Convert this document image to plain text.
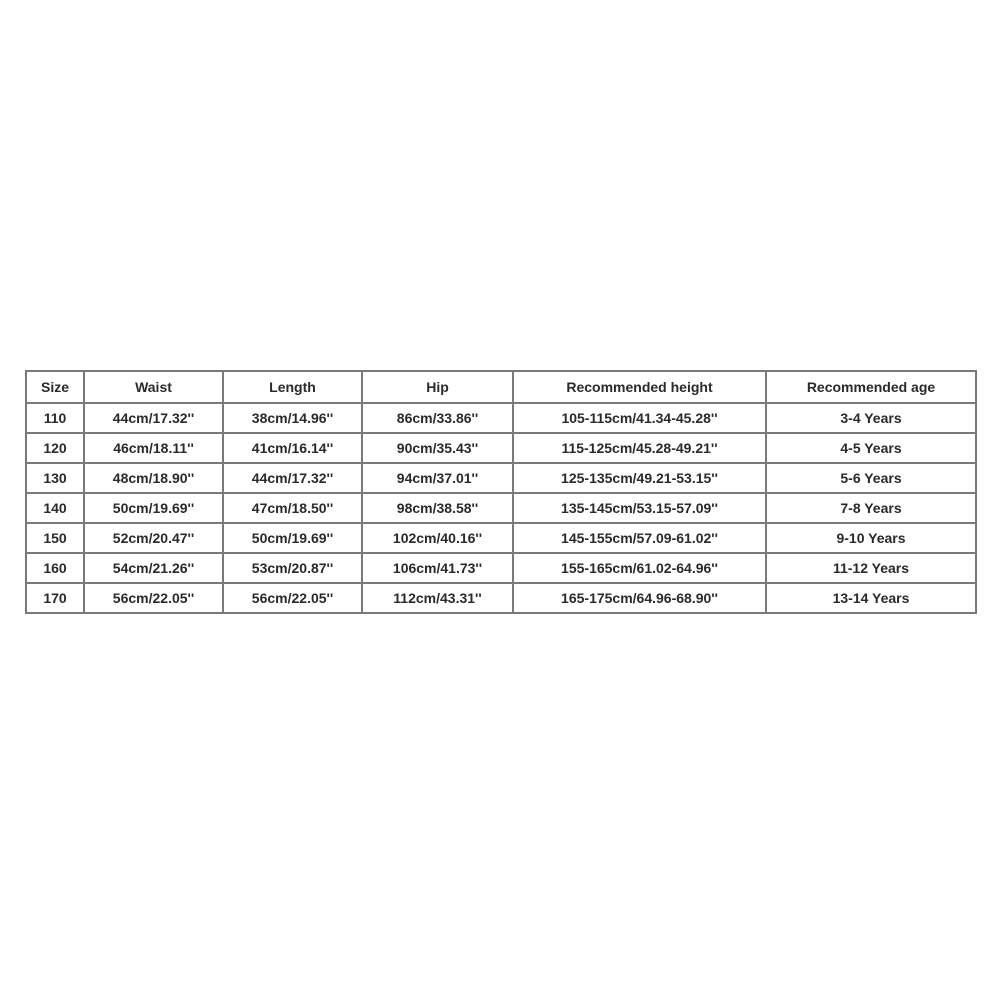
Size	Waist	Length	Hip	Recommended height	Recommended age
110	44cm/17.32''	38cm/14.96''	86cm/33.86''	105-115cm/41.34-45.28''	3-4 Years
120	46cm/18.11''	41cm/16.14''	90cm/35.43''	115-125cm/45.28-49.21''	4-5 Years
130	48cm/18.90''	44cm/17.32''	94cm/37.01''	125-135cm/49.21-53.15''	5-6 Years
140	50cm/19.69''	47cm/18.50''	98cm/38.58''	135-145cm/53.15-57.09''	7-8 Years
150	52cm/20.47''	50cm/19.69''	102cm/40.16''	145-155cm/57.09-61.02''	9-10 Years
160	54cm/21.26''	53cm/20.87''	106cm/41.73''	155-165cm/61.02-64.96''	11-12 Years
170	56cm/22.05''	56cm/22.05''	112cm/43.31''	165-175cm/64.96-68.90''	13-14 Years
